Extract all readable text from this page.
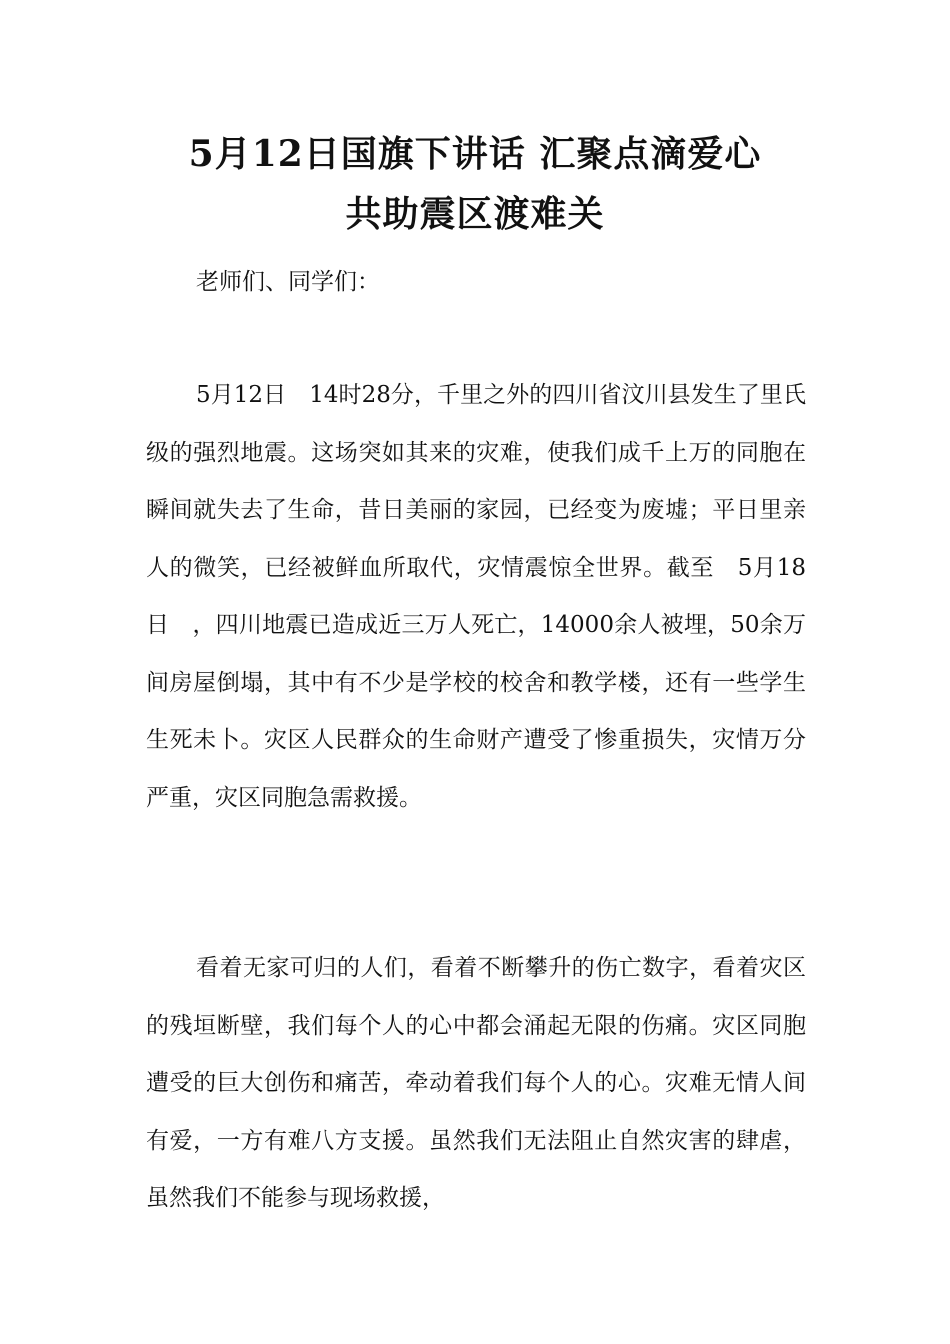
5月12日国旗下讲话 汇聚点滴爱心
共助震区渡难关
老师们、同学们：

5月12日　14时28分，千里之外的四川省汶川县发生了里氏级的强烈地震。这场突如其来的灾难，使我们成千上万的同胞在瞬间就失去了生命，昔日美丽的家园，已经变为废墟；平日里亲人的微笑，已经被鲜血所取代，灾情震惊全世界。截至　5月18日　，四川地震已造成近三万人死亡，14000余人被埋，50余万间房屋倒塌，其中有不少是学校的校舍和教学楼，还有一些学生生死未卜。灾区人民群众的生命财产遭受了惨重损失，灾情万分严重，灾区同胞急需救援。

看着无家可归的人们，看着不断攀升的伤亡数字，看着灾区的残垣断壁，我们每个人的心中都会涌起无限的伤痛。灾区同胞遭受的巨大创伤和痛苦，牵动着我们每个人的心。灾难无情人间有爱，一方有难八方支援。虽然我们无法阻止自然灾害的肆虐，虽然我们不能参与现场救援，
